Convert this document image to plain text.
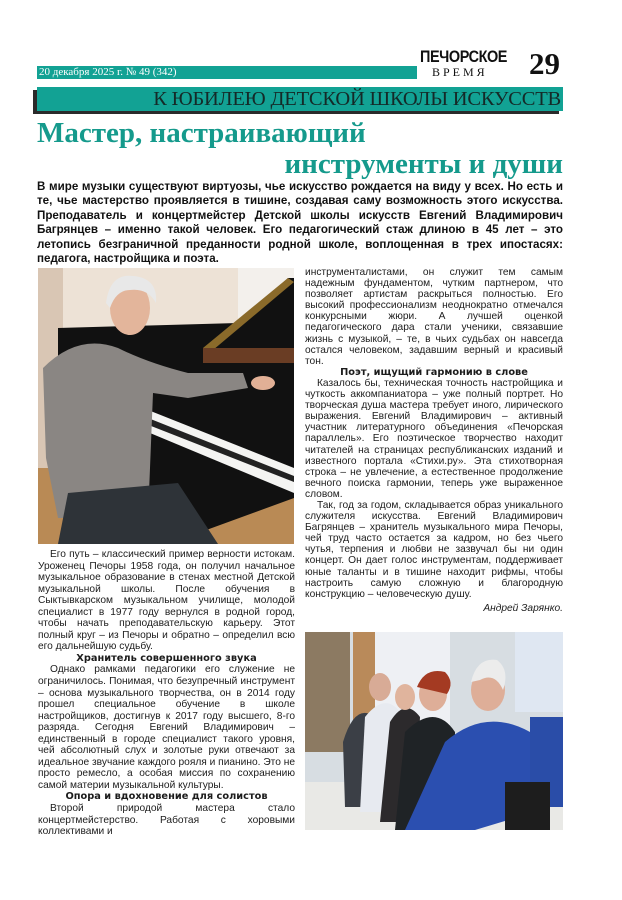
20 декабря 2025 г. № 49 (342)
ПЕЧОРСКОЕ
ВРЕМЯ	29
К ЮБИЛЕЮ ДЕТСКОЙ ШКОЛЫ ИСКУССТВ
Мастер, настраивающий
инструменты и души
В мире музыки существуют виртуозы, чье искусство рождается на виду у всех. Но есть и те, чье мастерство проявляется в тишине, создавая саму возможность этого искусства. Преподаватель и концертмейстер Детской школы искусств Евгений Владимирович Багрянцев – именно такой человек. Его педагогический стаж длиною в 45 лет – это летопись безграничной преданности родной школе, воплощенная в трех ипостасях: педагога, настройщика и поэта.

Его путь – классический пример верности истокам. Уроженец Печоры 1958 года, он получил начальное музыкальное образование в стенах местной Детской музыкальной школы. После обучения в Сыктывкарском музыкальном училище, молодой специалист в 1977 году вернулся в родной город, чтобы начать преподавательскую карьеру. Этот полный круг – из Печоры и обратно – определил всю его дальнейшую судьбу.

Хранитель совершенного звука

Однако рамками педагогики его служение не ограничилось. Понимая, что безупречный инструмент – основа музыкального творчества, он в 2014 году прошел специальное обучение в школе настройщиков, достигнув к 2017 году высшего, 8-го разряда. Сегодня Евгений Владимирович – единственный в городе специалист такого уровня, чей абсолютный слух и золотые руки отвечают за идеальное звучание каждого рояля и пианино. Это не просто ремесло, а особая миссия по сохранению самой материи музыкальной культуры.

Опора и вдохновение для солистов

Второй природой мастера стало концертмейстерство. Работая с хоровыми коллективами и

инструменталистами, он служит тем самым надежным фундаментом, чутким партнером, что позволяет артистам раскрыться полностью. Его высокий профессионализм неоднократно отмечался конкурсными жюри. А лучшей оценкой педагогического дара стали ученики, связавшие жизнь с музыкой, – те, в чьих судьбах он навсегда остался человеком, задавшим верный и красивый тон.

Поэт, ищущий гармонию в слове

Казалось бы, техническая точность настройщика и чуткость аккомпаниатора – уже полный портрет. Но творческая душа мастера требует иного, лирического выражения. Евгений Владимирович – активный участник литературного объединения «Печорская параллель». Его поэтическое творчество находит читателей на страницах республиканских изданий и известного портала «Стихи.ру». Эта стихотворная строка – не увлечение, а естественное продолжение вечного поиска гармонии, теперь уже выраженное словом.

Так, год за годом, складывается образ уникального служителя искусства. Евгений Владимирович Багрянцев – хранитель музыкального мира Печоры, чей труд часто остается за кадром, но без чьего чутья, терпения и любви не зазвучал бы ни один концерт. Он дает голос инструментам, поддерживает юные таланты и в тишине находит рифмы, чтобы настроить самую сложную и благородную конструкцию – человеческую душу.

Андрей Зарянко.
